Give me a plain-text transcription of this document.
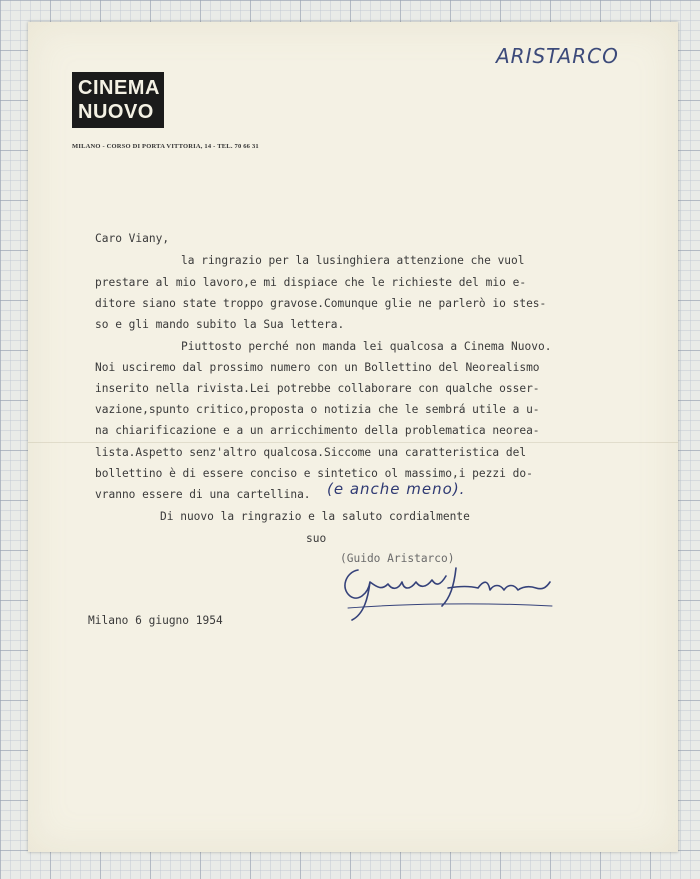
ARISTARCO
CINEMA
NUOVO
MILANO - CORSO DI PORTA VITTORIA, 14 - TEL. 70 66 31
Caro Viany,
la ringrazio per la lusinghiera attenzione che vuol
prestare al mio lavoro,e mi dispiace che le richieste del mio e-
ditore siano state troppo gravose.Comunque glie ne parlerò io stes-
so e gli mando subito la Sua lettera.
Piuttosto perché non manda lei qualcosa a Cinema Nuovo.
Noi usciremo dal prossimo numero con un Bollettino del Neorealismo
inserito nella rivista.Lei potrebbe collaborare con qualche osser-
vazione,spunto critico,proposta o notizia che le sembrá utile a u-
na chiarificazione e a un arricchimento della problematica neorea-
lista.Aspetto senz'altro qualcosa.Siccome una caratteristica del
bollettino è di essere conciso e sintetico ol massimo,i pezzi do-
vranno essere di una cartellina. (e anche meno).
Di nuovo la ringrazio e la saluto cordialmente
suo
(Guido Aristarco)
Milano 6 giugno 1954
